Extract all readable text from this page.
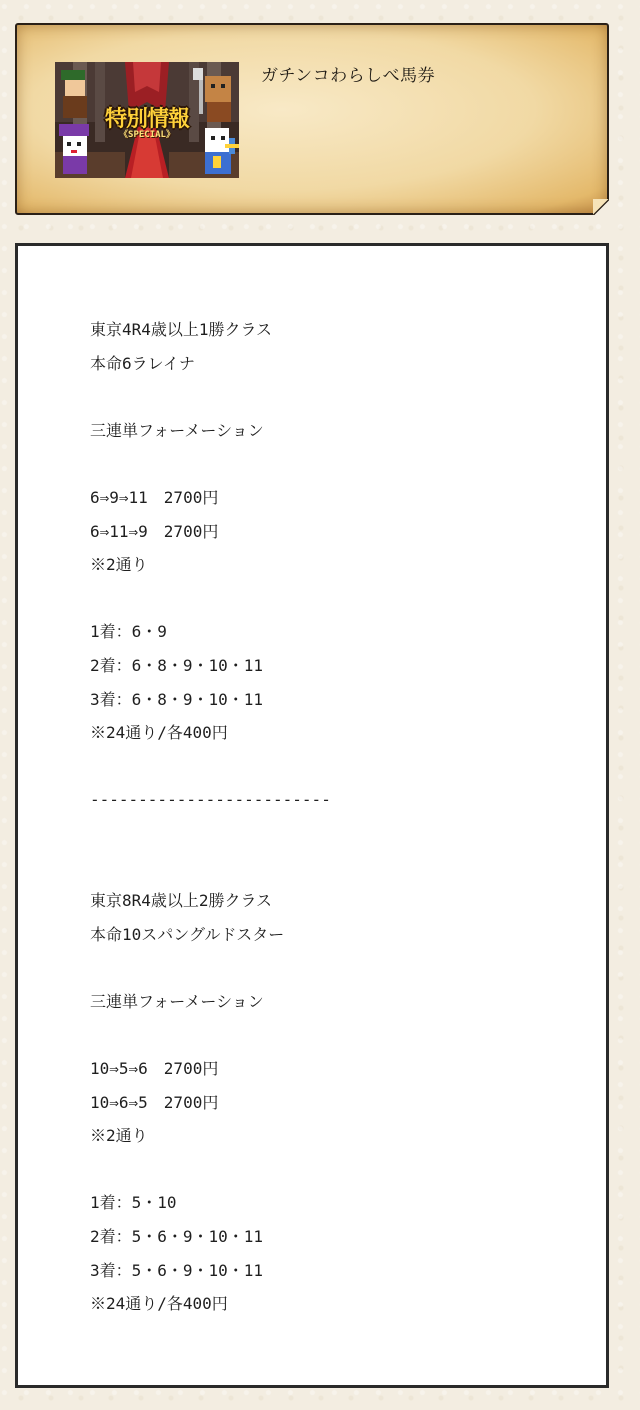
特別情報
《SPECIAL》
ガチンコわらしべ馬券
東京4R4歳以上1勝クラス
本命6ラレイナ
三連単フォーメーション
6⇒9⇒11　2700円
6⇒11⇒9　2700円
※2通り
1着：6・9
2着：6・8・9・10・11
3着：6・8・9・10・11
※24通り/各400円
-------------------------
東京8R4歳以上2勝クラス
本命10スパングルドスター
三連単フォーメーション
10⇒5⇒6　2700円
10⇒6⇒5　2700円
※2通り
1着：5・10
2着：5・6・9・10・11
3着：5・6・9・10・11
※24通り/各400円
